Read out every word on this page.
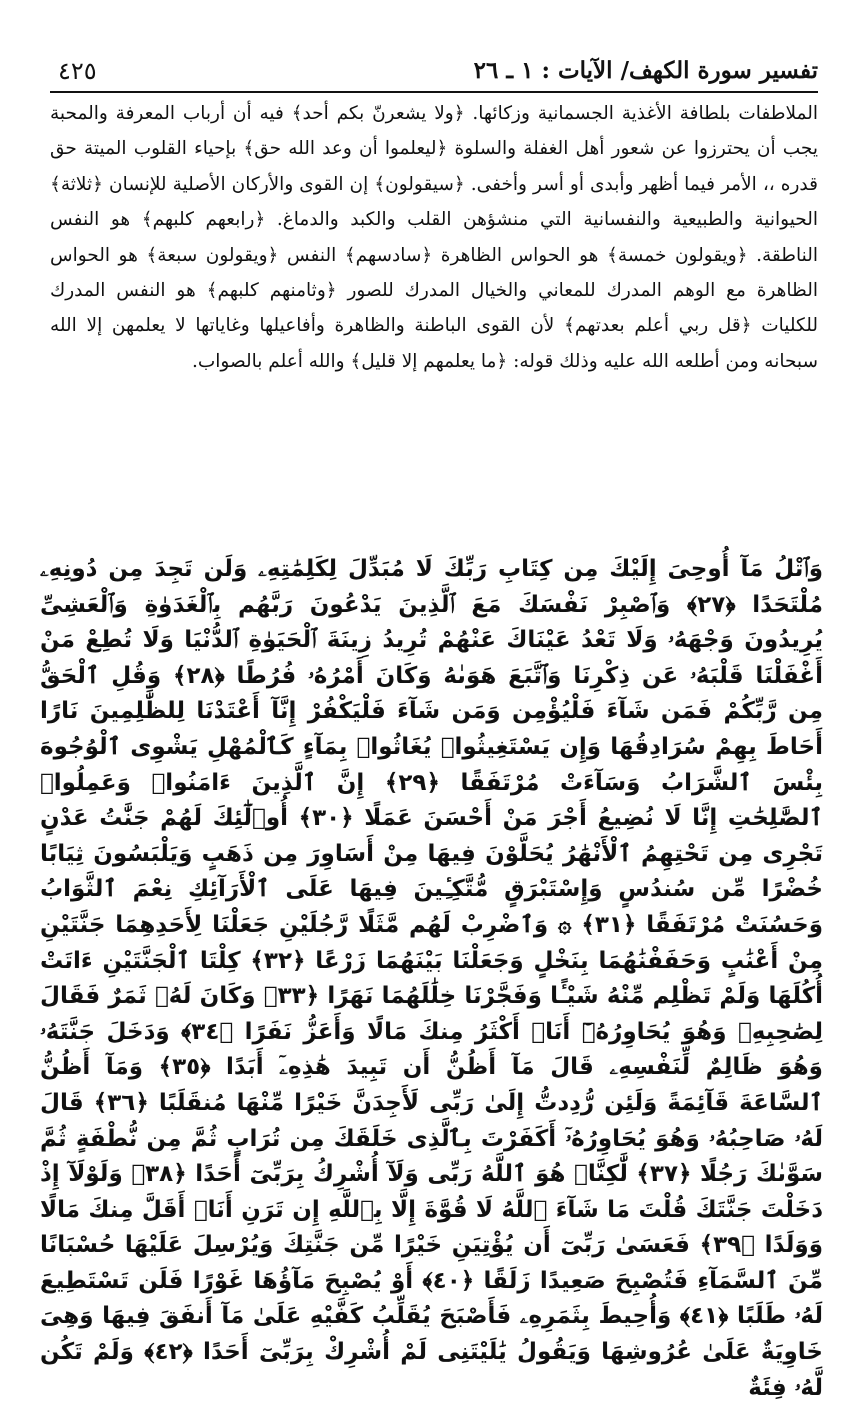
٤٢٥	تفسير سورة الكهف/ الآيات : ١ ـ ٢٦

الملاطفات بلطافة الأغذية الجسمانية وزكائها. ﴿ولا يشعرنّ بكم أحد﴾ فيه أن أرباب المعرفة والمحبة يجب أن يحترزوا عن شعور أهل الغفلة والسلوة ﴿ليعلموا أن وعد الله حق﴾ بإحياء القلوب الميتة حق قدره ،، الأمر فيما أظهر وأبدى أو أسر وأخفى. ﴿سيقولون﴾ إن القوى والأركان الأصلية للإنسان ﴿ثلاثة﴾ الحيوانية والطبيعية والنفسانية التي منشؤهن القلب والكبد والدماغ. ﴿رابعهم كلبهم﴾ هو النفس الناطقة. ﴿ويقولون خمسة﴾ هو الحواس الظاهرة ﴿سادسهم﴾ النفس ﴿ويقولون سبعة﴾ هو الحواس الظاهرة مع الوهم المدرك للمعاني والخيال المدرك للصور ﴿وثامنهم كلبهم﴾ هو النفس المدرك للكليات ﴿قل ربي أعلم بعدتهم﴾ لأن القوى الباطنة والظاهرة وأفاعيلها وغاياتها لا يعلمهن إلا الله سبحانه ومن أطلعه الله عليه وذلك قوله: ﴿ما يعلمهم إلا قليل﴾ والله أعلم بالصواب.

وَٱتْلُ مَآ أُوحِىَ إِلَيْكَ مِن كِتَابِ رَبِّكَ لَا مُبَدِّلَ لِكَلِمَٰتِهِۦ وَلَن تَجِدَ مِن دُونِهِۦ مُلْتَحَدًا ﴿٢٧﴾ وَٱصْبِرْ نَفْسَكَ مَعَ ٱلَّذِينَ يَدْعُونَ رَبَّهُم بِٱلْغَدَوٰةِ وَٱلْعَشِىِّ يُرِيدُونَ وَجْهَهُۥ وَلَا تَعْدُ عَيْنَاكَ عَنْهُمْ تُرِيدُ زِينَةَ ٱلْحَيَوٰةِ ٱلدُّنْيَا وَلَا تُطِعْ مَنْ أَغْفَلْنَا قَلْبَهُۥ عَن ذِكْرِنَا وَٱتَّبَعَ هَوَىٰهُ وَكَانَ أَمْرُهُۥ فُرُطًا ﴿٢٨﴾ وَقُلِ ٱلْحَقُّ مِن رَّبِّكُمْ فَمَن شَآءَ فَلْيُؤْمِن وَمَن شَآءَ فَلْيَكْفُرْ إِنَّآ أَعْتَدْنَا لِلظَّٰلِمِينَ نَارًا أَحَاطَ بِهِمْ سُرَادِقُهَا وَإِن يَسْتَغِيثُوا۟ يُغَاثُوا۟ بِمَآءٍ كَٱلْمُهْلِ يَشْوِى ٱلْوُجُوهَ بِئْسَ ٱلشَّرَابُ وَسَآءَتْ مُرْتَفَقًا ﴿٢٩﴾ إِنَّ ٱلَّذِينَ ءَامَنُوا۟ وَعَمِلُوا۟ ٱلصَّٰلِحَٰتِ إِنَّا لَا نُضِيعُ أَجْرَ مَنْ أَحْسَنَ عَمَلًا ﴿٣٠﴾ أُو۟لَٰٓئِكَ لَهُمْ جَنَّٰتُ عَدْنٍ تَجْرِى مِن تَحْتِهِمُ ٱلْأَنْهَٰرُ يُحَلَّوْنَ فِيهَا مِنْ أَسَاوِرَ مِن ذَهَبٍ وَيَلْبَسُونَ ثِيَابًا خُضْرًا مِّن سُندُسٍ وَإِسْتَبْرَقٍ مُّتَّكِـِٔينَ فِيهَا عَلَى ٱلْأَرَآئِكِ نِعْمَ ٱلثَّوَابُ وَحَسُنَتْ مُرْتَفَقًا ﴿٣١﴾ ۞ وَٱضْرِبْ لَهُم مَّثَلًا رَّجُلَيْنِ جَعَلْنَا لِأَحَدِهِمَا جَنَّتَيْنِ مِنْ أَعْنَٰبٍ وَحَفَفْنَٰهُمَا بِنَخْلٍ وَجَعَلْنَا بَيْنَهُمَا زَرْعًا ﴿٣٢﴾ كِلْتَا ٱلْجَنَّتَيْنِ ءَاتَتْ أُكُلَهَا وَلَمْ تَظْلِم مِّنْهُ شَيْـًٔا وَفَجَّرْنَا خِلَٰلَهُمَا نَهَرًا ﴿٣٣﴾ وَكَانَ لَهُۥ ثَمَرٌ فَقَالَ لِصَٰحِبِهِۦ وَهُوَ يُحَاوِرُهُۥٓ أَنَا۠ أَكْثَرُ مِنكَ مَالًا وَأَعَزُّ نَفَرًا ﴿٣٤﴾ وَدَخَلَ جَنَّتَهُۥ وَهُوَ ظَالِمٌ لِّنَفْسِهِۦ قَالَ مَآ أَظُنُّ أَن تَبِيدَ هَٰذِهِۦٓ أَبَدًا ﴿٣٥﴾ وَمَآ أَظُنُّ ٱلسَّاعَةَ قَآئِمَةً وَلَئِن رُّدِدتُّ إِلَىٰ رَبِّى لَأَجِدَنَّ خَيْرًا مِّنْهَا مُنقَلَبًا ﴿٣٦﴾ قَالَ لَهُۥ صَاحِبُهُۥ وَهُوَ يُحَاوِرُهُۥٓ أَكَفَرْتَ بِٱلَّذِى خَلَقَكَ مِن تُرَابٍ ثُمَّ مِن نُّطْفَةٍ ثُمَّ سَوَّىٰكَ رَجُلًا ﴿٣٧﴾ لَّٰكِنَّا۠ هُوَ ٱللَّهُ رَبِّى وَلَآ أُشْرِكُ بِرَبِّىٓ أَحَدًا ﴿٣٨﴾ وَلَوْلَآ إِذْ دَخَلْتَ جَنَّتَكَ قُلْتَ مَا شَآءَ ٱللَّهُ لَا قُوَّةَ إِلَّا بِٱللَّهِ إِن تَرَنِ أَنَا۠ أَقَلَّ مِنكَ مَالًا وَوَلَدًا ﴿٣٩﴾ فَعَسَىٰ رَبِّىٓ أَن يُؤْتِيَنِ خَيْرًا مِّن جَنَّتِكَ وَيُرْسِلَ عَلَيْهَا حُسْبَانًا مِّنَ ٱلسَّمَآءِ فَتُصْبِحَ صَعِيدًا زَلَقًا ﴿٤٠﴾ أَوْ يُصْبِحَ مَآؤُهَا غَوْرًا فَلَن تَسْتَطِيعَ لَهُۥ طَلَبًا ﴿٤١﴾ وَأُحِيطَ بِثَمَرِهِۦ فَأَصْبَحَ يُقَلِّبُ كَفَّيْهِ عَلَىٰ مَآ أَنفَقَ فِيهَا وَهِىَ خَاوِيَةٌ عَلَىٰ عُرُوشِهَا وَيَقُولُ يَٰلَيْتَنِى لَمْ أُشْرِكْ بِرَبِّىٓ أَحَدًا ﴿٤٢﴾ وَلَمْ تَكُن لَّهُۥ فِئَةٌ
